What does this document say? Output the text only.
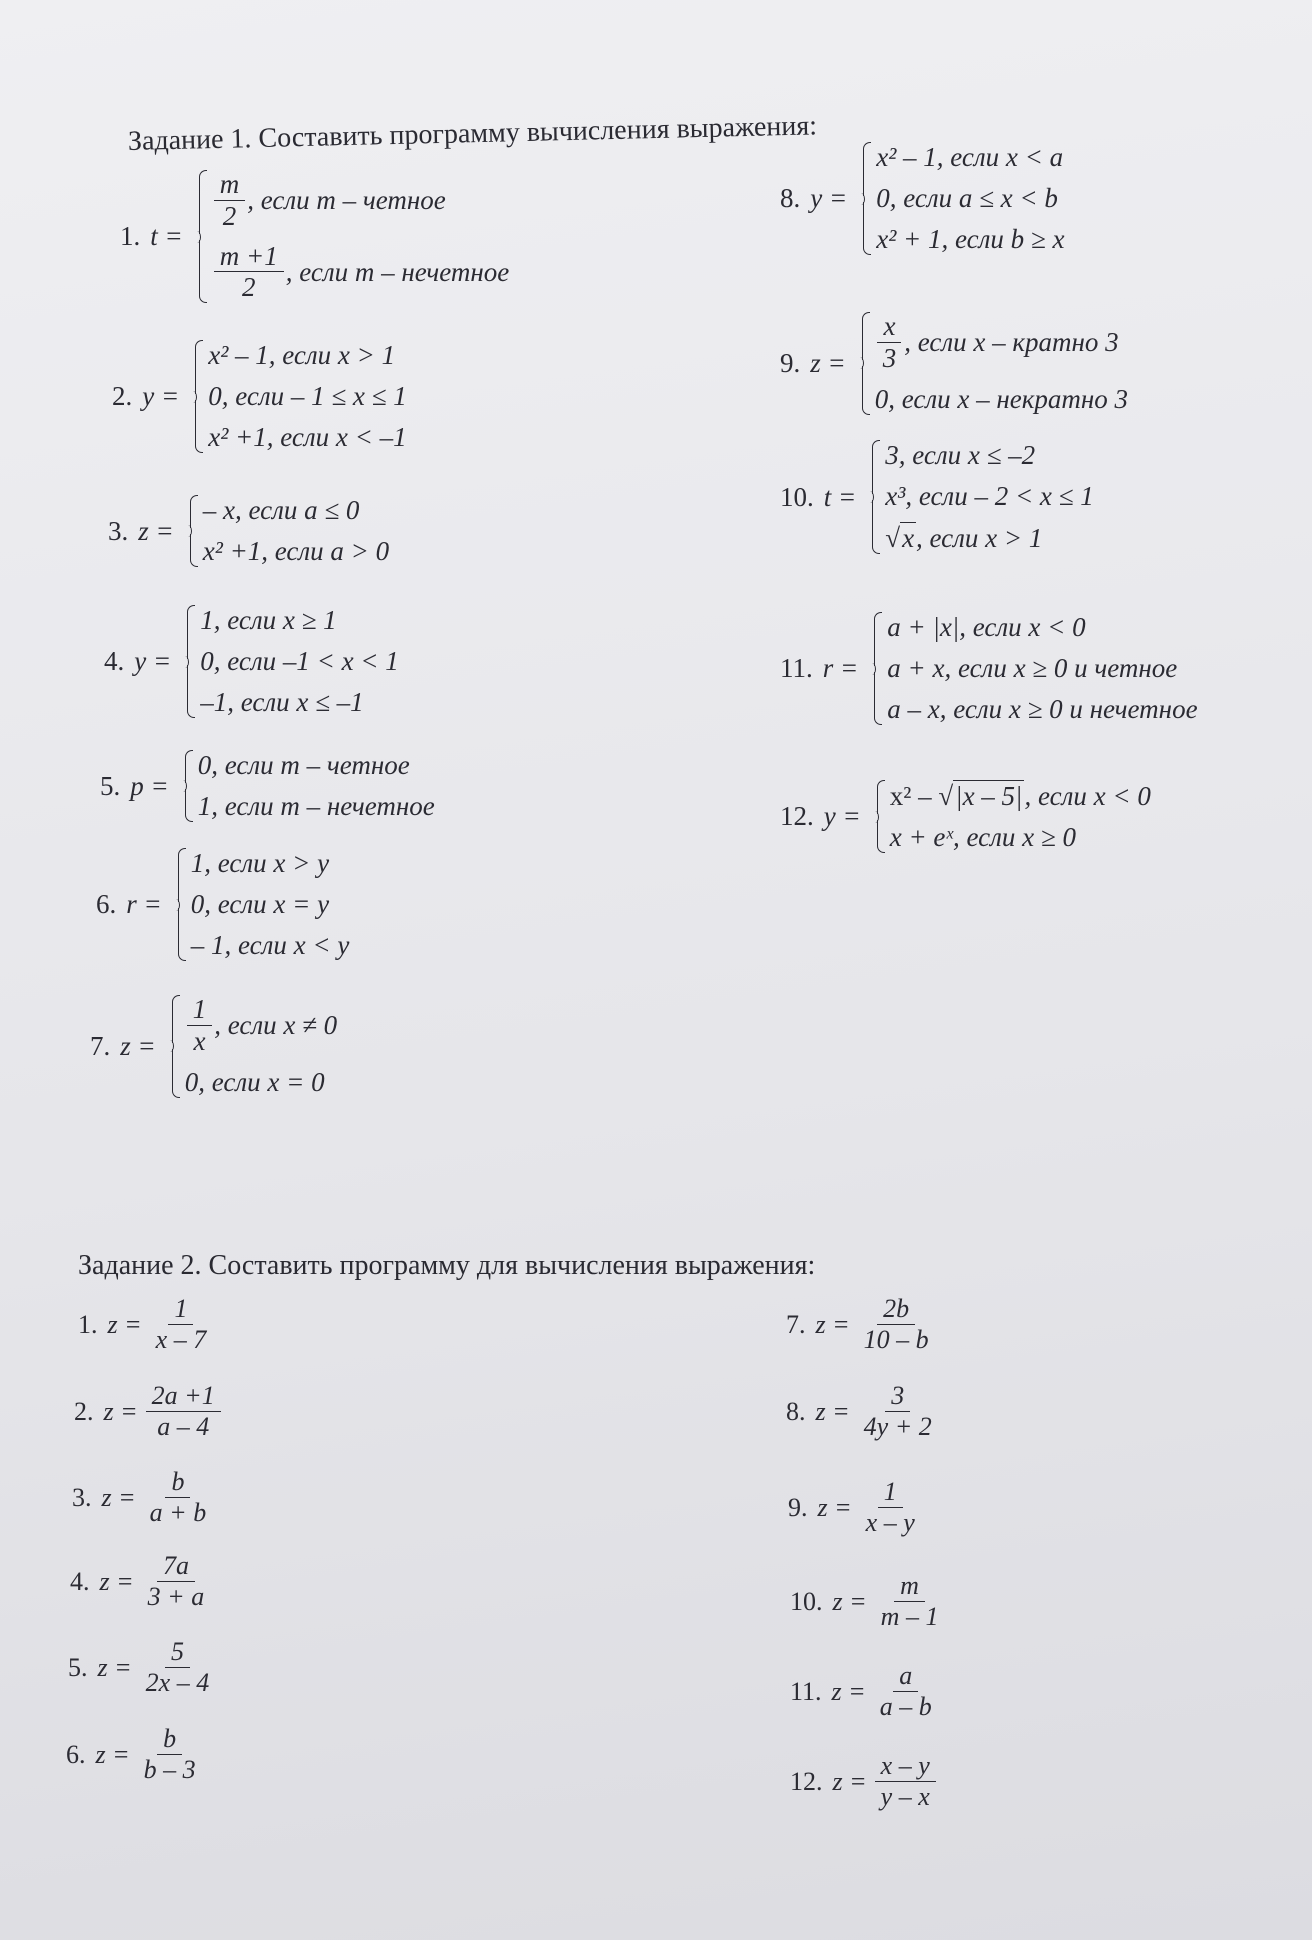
Задание 1. Составить программу вычисления выражения:
1. t =
$\frac{m}{2}$ , если m – четное
$\frac{m +1}{2}$ , если m – нечетное
2. y =
x² – 1, если x > 1
0, если – 1 ≤ x ≤ 1
x² +1, если x < –1
3. z =
– x, если a ≤ 0
x² +1, если a > 0
4. y =
1, если x ≥ 1
0, если –1 < x < 1
–1, если x ≤ –1
5. p =
0, если m – четное
1, если m – нечетное
6. r =
1, если x > y
0, если x = y
– 1, если x < y
7. $z = \frac{1}{x}$ , если x ≠ 0
0, если x = 0
8. y =
x² – 1, если x < a
0, если a ≤ x < b
x² + 1, если b ≥ x
9. $z = \frac{x}{3}$ , если x – кратно 3
0, если x – некратно 3
10. t =
3, если x ≤ –2
x³, если – 2 < x ≤ 1
√ x , если x > 1
11. r =
a + |x|, если x < 0
a + x, если x ≥ 0 и четное
a – x, если x ≥ 0 и нечетное
12. y =
x² – √ |x – 5| , если x < 0
x + eˣ, если x ≥ 0
Задание 2. Составить программу для вычисления выражения:
1. $z = \frac{1}{x - 7}$
2. $z = \frac{2a +1}{a - 4}$
3. $z = \frac{b}{a + b}$
4. $z = \frac{7a}{3 + a}$
5. $z = \frac{5}{2x - 4}$
6. $z = \frac{b}{b - 3}$
7. $z = \frac{2b}{10 - b}$
8. $z = \frac{3}{4y + 2}$
9. $z = \frac{1}{x - y}$
10. $z = \frac{m}{m - 1}$
11. $z = \frac{a}{a - b}$
12. $z = \frac{x - y}{y - x}$
